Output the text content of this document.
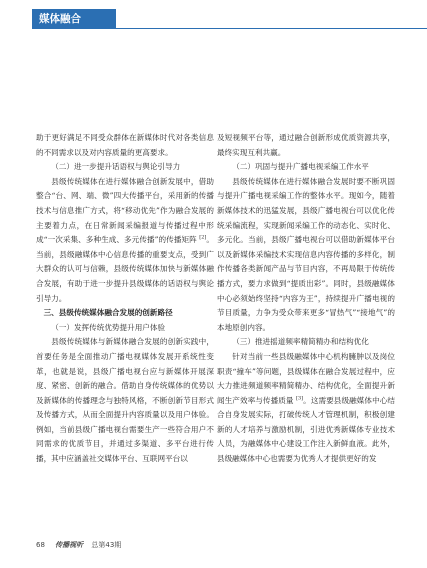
媒体融合

助于更好满足不同受众群体在新媒体时代对各类信息的不同需求以及对内容质量的更高要求。

（二）进一步提升话语权与舆论引导力

县级传统媒体在进行媒体融合创新发展中，借助整合“台、网、端、微”四大传播平台，采用新的传播技术与信息推广方式，将“移动优先”作为融合发展的主要着力点，在日常新闻采编报道与传播过程中形成“一次采集、多种生成、多元传播”的传播矩阵 [2]。当前，县级融媒体中心信息传播的重要支点，受到广大群众的认可与信赖，县级传统媒体加快与新媒体融合发展，有助于进一步提升县级媒体的话语权与舆论引导力。

三、县级传统媒体融合发展的创新路径

（一）发挥传统优势提升用户体验

县级传统媒体与新媒体融合发展的创新实践中，首要任务是全面推动广播电视媒体发展开系统性变革，也就是说，县级广播电视台应与新媒体开展深度、紧密、创新的融合。借助自身传统媒体的优势以及新媒体的传播理念与独特风格，不断创新节目形式及传播方式，从而全面提升内容质量以及用户体验。例如，当前县级广播电视台需要生产一些符合用户不同需求的优质节目，并通过多渠道、多平台进行传播，其中应涵盖社交媒体平台、互联网平台以

及短视频平台等，通过融合创新形成优质资源共享，最终实现互利共赢。

（二）巩固与提升广播电视采编工作水平

县级传统媒体在进行媒体融合发展时要不断巩固与提升广播电视采编工作的整体水平。现如今，随着新媒体技术的迅猛发展，县级广播电视台可以优化传统采编流程，实现新闻采编工作的动态化、实时化、多元化。当前，县级广播电视台可以借助新媒体平台以及新媒体采编技术实现信息内容传播的多样化，制作传播各类新闻产品与节目内容，不再局限于传统传播方式，要力求做到“提质出彩”。同时，县级融媒体中心必须始终坚持“内容为王”，持续提升广播电视的节目质量，力争为受众带来更多“冒热气”“接地气”的本地原创内容。

（三）推进摇道频率精简精办和结构优化

针对当前一些县级融媒体中心机构臃肿以及岗位职责“撞车”等问题，县级媒体在融合发展过程中，应大力推进频道频率精简精办、结构优化，全面提升新闻生产效率与传播质量 [3]。这需要县级融媒体中心结合自身发展实际，打破传统人才管理机制，积极创建新的人才培养与激励机制，引进优秀新媒体专业技术人员，为融媒体中心建设工作注入新鲜血液。此外，县级融媒体中心也需要为优秀人才提供更好的发

68 传播视听 总第43期
